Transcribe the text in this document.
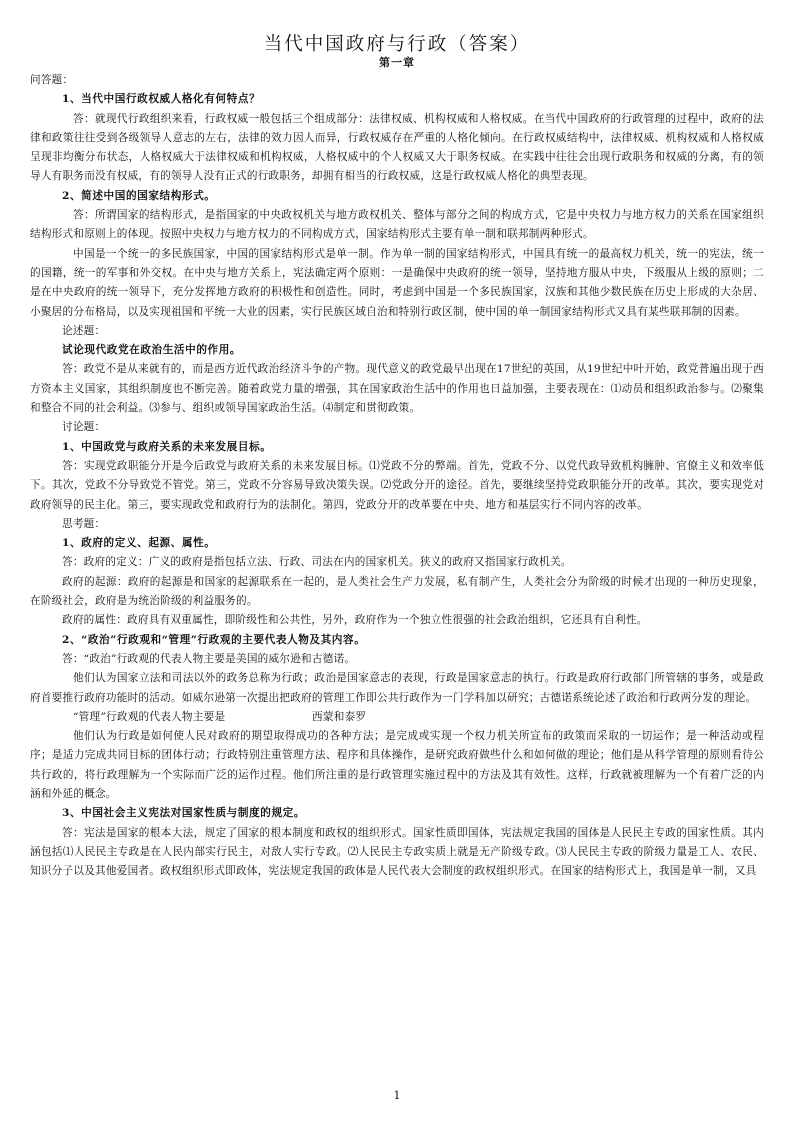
当代中国政府与行政（答案）
第一章

问答题：

1、当代中国行政权威人格化有何特点？

答：就现代行政组织来看，行政权威一般包括三个组成部分：法律权威、机构权威和人格权威。在当代中国政府的行政管理的过程中，政府的法律和政策往往受到各级领导人意志的左右，法律的效力因人而异，行政权威存在严重的人格化倾向。在行政权威结构中，法律权威、机构权威和人格权威呈现非均衡分布状态，人格权威大于法律权威和机构权威，人格权威中的个人权威又大于职务权威。在实践中往往会出现行政职务和权威的分离，有的领导人有职务而没有权威，有的领导人没有正式的行政职务，却拥有相当的行政权威，这是行政权威人格化的典型表现。

2、简述中国的国家结构形式。

答：所谓国家的结构形式，是指国家的中央政权机关与地方政权机关、整体与部分之间的构成方式，它是中央权力与地方权力的关系在国家组织结构形式和原则上的体现。按照中央权力与地方权力的不同构成方式，国家结构形式主要有单一制和联邦制两种形式。

中国是一个统一的多民族国家，中国的国家结构形式是单一制。作为单一制的国家结构形式，中国具有统一的最高权力机关，统一的宪法，统一的国籍，统一的军事和外交权。在中央与地方关系上，宪法确定两个原则：一是确保中央政府的统一领导，坚持地方服从中央，下级服从上级的原则；二是在中央政府的统一领导下，充分发挥地方政府的积极性和创造性。同时，考虑到中国是一个多民族国家，汉族和其他少数民族在历史上形成的大杂居、小聚居的分布格局，以及实现祖国和平统一大业的因素，实行民族区域自治和特别行政区制，使中国的单一制国家结构形式又具有某些联邦制的因素。

论述题：

试论现代政党在政治生活中的作用。

答：政党不是从来就有的，而是西方近代政治经济斗争的产物。现代意义的政党最早出现在17世纪的英国，从19世纪中叶开始，政党普遍出现于西方资本主义国家，其组织制度也不断完善。随着政党力量的增强，其在国家政治生活中的作用也日益加强，主要表现在：⑴动员和组织政治参与。⑵聚集和整合不同的社会利益。⑶参与、组织或领导国家政治生活。⑷制定和贯彻政策。

讨论题：

1、中国政党与政府关系的未来发展目标。

答：实现党政职能分开是今后政党与政府关系的未来发展目标。⑴党政不分的弊端。首先，党政不分、以党代政导致机构臃肿、官僚主义和效率低下。其次，党政不分导致党不管党。第三，党政不分容易导致决策失误。⑵党政分开的途径。首先，要继续坚持党政职能分开的改革。其次，要实现党对政府领导的民主化。第三，要实现政党和政府行为的法制化。第四，党政分开的改革要在中央、地方和基层实行不同内容的改革。

思考题：

1、政府的定义、起源、属性。

答：政府的定义：广义的政府是指包括立法、行政、司法在内的国家机关。狭义的政府又指国家行政机关。

政府的起源：政府的起源是和国家的起源联系在一起的，是人类社会生产力发展，私有制产生，人类社会分为阶级的时候才出现的一种历史现象，在阶级社会，政府是为统治阶级的利益服务的。

政府的属性：政府具有双重属性，即阶级性和公共性，另外，政府作为一个独立性很强的社会政治组织，它还具有自利性。

2、“政治”行政观和“管理”行政观的主要代表人物及其内容。

答：“政治”行政观的代表人物主要是美国的威尔逊和古德诺。

他们认为国家立法和司法以外的政务总称为行政；政治是国家意志的表现，行政是国家意志的执行。行政是政府行政部门所管辖的事务，或是政府首要推行政府功能时的活动。如威尔逊第一次提出把政府的管理工作即公共行政作为一门学科加以研究；古德诺系统论述了政治和行政两分发的理论。

“管理”行政观的代表人物主要是　　　　　　　　西蒙和泰罗

他们认为行政是如何使人民对政府的期望取得成功的各种方法；是完成或实现一个权力机关所宣布的政策而采取的一切运作；是一种活动或程序；是适力完成共同目标的团体行动；行政特别注重管理方法、程序和具体操作，是研究政府做些什么和如何做的理论；他们是从科学管理的原则看待公共行政的，将行政理解为一个实际而广泛的运作过程。他们所注重的是行政管理实施过程中的方法及其有效性。这样，行政就被理解为一个有着广泛的内涵和外延的概念。

3、中国社会主义宪法对国家性质与制度的规定。

答：宪法是国家的根本大法，规定了国家的根本制度和政权的组织形式。国家性质即国体，宪法规定我国的国体是人民民主专政的国家性质。其内涵包括⑴人民民主专政是在人民内部实行民主，对敌人实行专政。⑵人民民主专政实质上就是无产阶级专政。⑶人民民主专政的阶级力量是工人、农民、知识分子以及其他爱国者。政权组织形式即政体，宪法规定我国的政体是人民代表大会制度的政权组织形式。在国家的结构形式上，我国是单一制，又具

1
